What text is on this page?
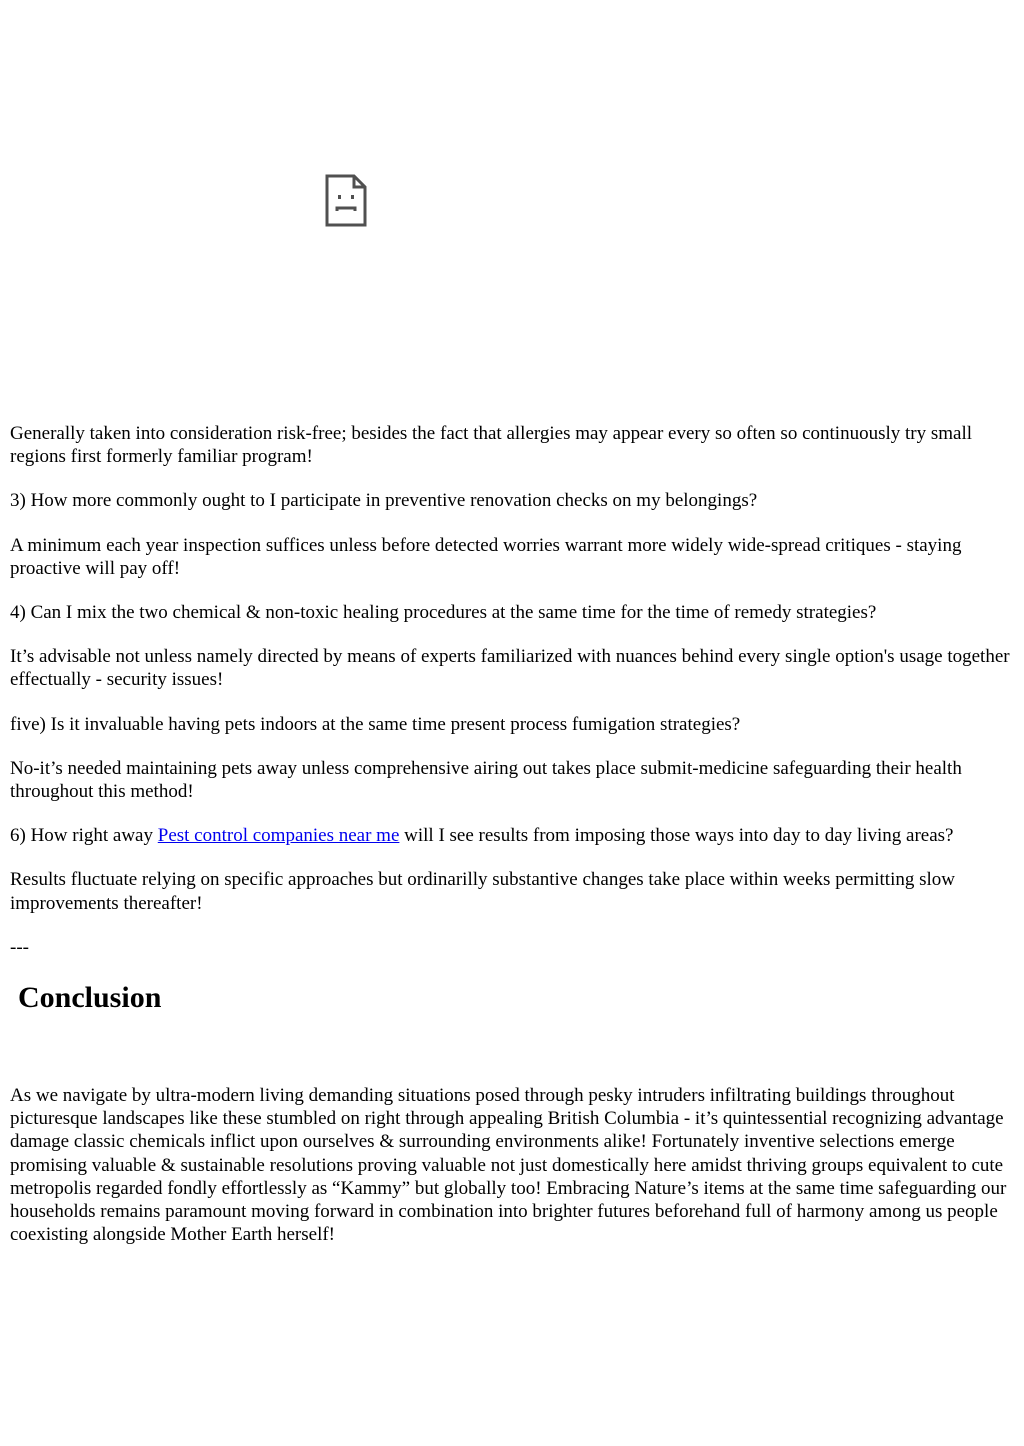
Generally taken into consideration risk-free; besides the fact that allergies may appear every so often so continuously try small regions first formerly familiar program!

3) How more commonly ought to I participate in preventive renovation checks on my belongings?

A minimum each year inspection suffices unless before detected worries warrant more widely wide-spread critiques - staying proactive will pay off!

4) Can I mix the two chemical & non-toxic healing procedures at the same time for the time of remedy strategies?

It’s advisable not unless namely directed by means of experts familiarized with nuances behind every single option's usage together effectually - security issues!

five) Is it invaluable having pets indoors at the same time present process fumigation strategies?

No-it’s needed maintaining pets away unless comprehensive airing out takes place submit-medicine safeguarding their health throughout this method!

6) How right away Pest control companies near me will I see results from imposing those ways into day to day living areas?

Results fluctuate relying on specific approaches but ordinarilly substantive changes take place within weeks permitting slow improvements thereafter!

---

Conclusion

As we navigate by ultra-modern living demanding situations posed through pesky intruders infiltrating buildings throughout picturesque landscapes like these stumbled on right through appealing British Columbia - it’s quintessential recognizing advantage damage classic chemicals inflict upon ourselves & surrounding environments alike! Fortunately inventive selections emerge promising valuable & sustainable resolutions proving valuable not just domestically here amidst thriving groups equivalent to cute metropolis regarded fondly effortlessly as “Kammy” but globally too! Embracing Nature’s items at the same time safeguarding our households remains paramount moving forward in combination into brighter futures beforehand full of harmony among us people coexisting alongside Mother Earth herself!
